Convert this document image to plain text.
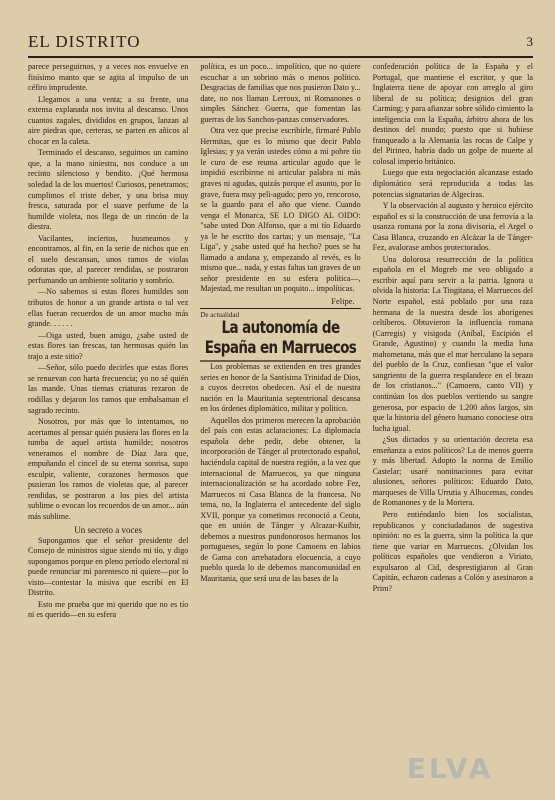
EL DISTRITO	3

parece perseguirnos, y a veces nos envuelve en finísimo manto que se agita al impulso de un céfiro imprudente.

Llegamos a una venta; a su frente, una extensa explanada nos invita al descanso. Unos cuantos zagales, divididos en grupos, lanzan al aire piedras que, certeras, se parten en añicos al chocar en la caleta.

Terminado el descanso, seguimos un camino que, a la mano siniestra, nos conduce a un recinto silencioso y bendito. ¡Qué hermosa soledad la de los muertos! Curiosos, penetramos; cumplimos el triste deber, y una brisa muy fresca, saturada por el suave perfume de la humilde violeta, nos llega de un rincón de la diestra.

Vacilantes, inciertos, husmeamos y encontramos, al fin, en la serie de nichos que en el suelo descansan, unos ramos de violas odoratas que, al parecer rendidas, se postraron perfumando un ambiente solitario y sombrío.

—No sabemos si estas flores humildes son tributos de honor a un grande artista o tal vez ellas fueran recuerdos de un amor mucho más grande. . . . . .

—Oiga usted, buen amigo, ¿sabe usted de estas flores tan frescas, tan hermosas quién las trajo a este sitio?

—Señor, sólo puedo decirles que estas flores se renuevan con harta frecuencia; yo no sé quién las mande. Unas tiernas criaturas rezaron de rodillas y dejaron los ramos que embalsaman el sagrado recinto.

Nosotros, por más que lo intentamos, no acertamos al pensar quién pusiera las flores en la tumba de aquel artista humilde; nosotros veneramos el nombre de Díaz Jara que, empuñando el cincel de su eterna sonrisa, supo esculpir, valiente, corazones hermosos que pusieran los ramos de violetas que, al parecer rendidas, se postraron a los pies del artista sublime o evocan los recuerdos de un amor... aún más sublime.

Un secreto a voces

Supongamos que el señor presidente del Consejo de ministros sigue siendo mi tío, y digo supongamos porque en pleno período electoral ni puede renunciar mi parentesco ni quiere—por lo visto—contestar la misiva que escribí en El Distrito.

Esto me prueba que mi querido que no es tío ni es querido—en su esfera

política, es un poco... impolítico, que no quiere escuchar a un sobrino más o menos político. Desgracias de familias que nos pusieron Dato y... date, no nos llaman Lerroux, ni Romanones o simples Sánchez Guerra, que fomentan las guerras de los Sanchos-panzas conservadores.

Otra vez que precise escribirle, firmaré Pablo Hermitas, que es lo mismo que decir Pablo Iglesias; y ya verán ustedes cómo a mi pobre tío le curo de ese reuma articular agudo que le impidió escribirme ni articular palabra ni más graves ni agudas, quizás porque el asunto, por lo grave, fuera muy peli-agudo; pero yo, rencoroso, se la guardo para el año que viene. Cuando venga el Monarca, SE LO DIGO AL OIDO: "sabe usted Don Alfonso, que a mi tío Eduardo ya le he escrito dos cartas; y un mensaje, "La Liga", y ¿sabe usted qué ha hecho? pues se ha llamado a andana y, empezando al revés, es lo mismo que... nada, y estas faltas tan graves de un señor presidente en su esfera política—, Majestad, me resultan un poquito... impolíticas.

Felipe.
De actualidad
La autonomía de España en Marruecos

Los problemas se extienden en tres grandes series en honor de la Santísima Trinidad de Dios, a cuyos decretos obedecen. Así el de nuestra nación en la Mauritania septentrional descansa en los órdenes diplomático, militar y político.

Aquellos dos primeros merecen la aprobación del país con estas aclaraciones: La diplomacia española debe pedir, debe obtener, la incorporación de Tánger al protectorado español, haciéndola capital de nuestra región, a la vez que internacional de Marruecos, ya que ninguna internacionalización se ha acordado sobre Fez, Marruecos ni Casa Blanca de la francesa. No tema, no, la Inglaterra el antecedente del siglo XVII, porque ya cometimos reconoció a Ceuta, que en unión de Tánger y Alcazar-Kuibir, debemos a nuestros pundonorosos hermanos los portugueses, según lo pone Camoens en labios de Gama con arrebatadora elocuencia, a cuyo pueblo queda lo de debemos mancomunidad en Mauritania, que será una de las bases de la

confederación política de la España y el Portugal, que mantiene el escritor, y que la Inglaterra tiene de apoyar con arreglo al giro liberal de su política; designios del gran Carming; y para afianzar sobre sólido cimiento la inteligencia con la España, árbitro ahora de los destinos del mundo; puesto que si hubiese franqueado a la Alemania las rocas de Calpe y del Pirineo, habría dado un golpe de muerte al colosal imperio británico.

Luego que esta negociación alcanzase estado diplomático será reproducida a todas las potencias signatarias de Algeciras.

Y la observación al augusto y heroico ejército español es si la construcción de una ferrovía a la usanza romana por la zona divisoria, el Argel o Casa Blanca, cruzando en Alcázar la de Tánger-Fez, avalorase ambos protectorados.

Una dolorosa resurrección de la política española en el Mogreb me veo obligado a escribir aquí para servir a la patria. Ignora u olvida la historia: La Tingitana, el Marruecos del Norte español, está poblado por una raza hermana de la nuestra desde los aborígenes celtíberos. Obtuvieron la influencia romana (Carregis) y visigoda (Aníbal, Escipión el Grande, Agustino) y cuando la media luna mahometana, más que el mar herculano la separa del pueblo de la Cruz, confiesan "que el valor sangriento de la guerra resplandece en el brazo de los cristianos..." (Camoens, canto VII) y continúan los dos pueblos vertiendo su sangre generosa, por espacio de 1.200 años largos, sin que la historia del género humano conociese otra lucha igual.

¿Sus dictados y su orientación decreta esa enseñanza a estos políticos? La de menos guerra y más libertad. Adopto la norma de Emilio Castelar; usaré nominaciones para evitar alusiones, señores políticos: Eduardo Dato, marqueses de Villa Urrutia y Alhucemas, condes de Romanones y de la Mortera.

Pero entiéndanlo bien los socialistas, republicanos y conciudadanos de sugestiva opinión: no es la guerra, sino la política la que tiene que variar en Marruecos. ¿Olvidan los políticos españoles que vendieron a Viriato, expulsaron al Cid, desprestigiaron al Gran Capitán, echaron cadenas a Colón y asesinaron a Prim?

ELVA
